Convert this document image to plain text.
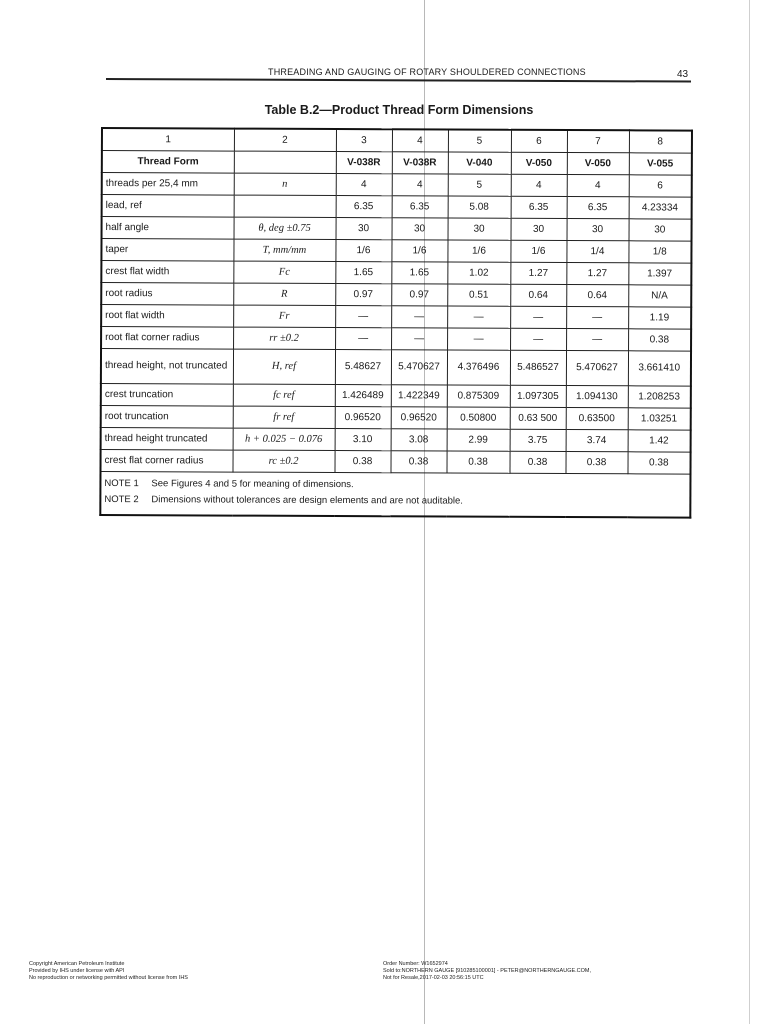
THREADING AND GAUGING OF ROTARY SHOULDERED CONNECTIONS	43
Table B.2—Product Thread Form Dimensions
1	2	3	4	5	6	7	8
Thread Form		V-038R	V-038R	V-040	V-050	V-050	V-055
threads per 25,4 mm	n	4	4	5	4	4	6
lead, ref		6.35	6.35	5.08	6.35	6.35	4.23334
half angle	θ, deg ±0.75	30	30	30	30	30	30
taper	T, mm/mm	1/6	1/6	1/6	1/6	1/4	1/8
crest flat width	Fc	1.65	1.65	1.02	1.27	1.27	1.397
root radius	R	0.97	0.97	0.51	0.64	0.64	N/A
root flat width	Fr	—	—	—	—	—	1.19
root flat corner radius	rr ±0.2	—	—	—	—	—	0.38
thread height, not truncated	H, ref	5.48627	5.470627	4.376496	5.486527	5.470627	3.661410
crest truncation	fc ref	1.426489	1.422349	0.875309	1.097305	1.094130	1.208253
root truncation	fr ref	0.96520	0.96520	0.50800	0.63 500	0.63500	1.03251
thread height truncated	h + 0.025 − 0.076	3.10	3.08	2.99	3.75	3.74	1.42
crest flat corner radius	rc ±0.2	0.38	0.38	0.38	0.38	0.38	0.38

NOTE 1 See Figures 4 and 5 for meaning of dimensions.
NOTE 2 Dimensions without tolerances are design elements and are not auditable.							
Copyright American Petroleum Institute
Provided by IHS under license with API
No reproduction or networking permitted without license from IHS
Order Number: W1652974
Sold to:NORTHERN GAUGE [910285100001] - PETER@NORTHERNGAUGE.COM,
Not for Resale,2017-02-03 20:56:15 UTC
